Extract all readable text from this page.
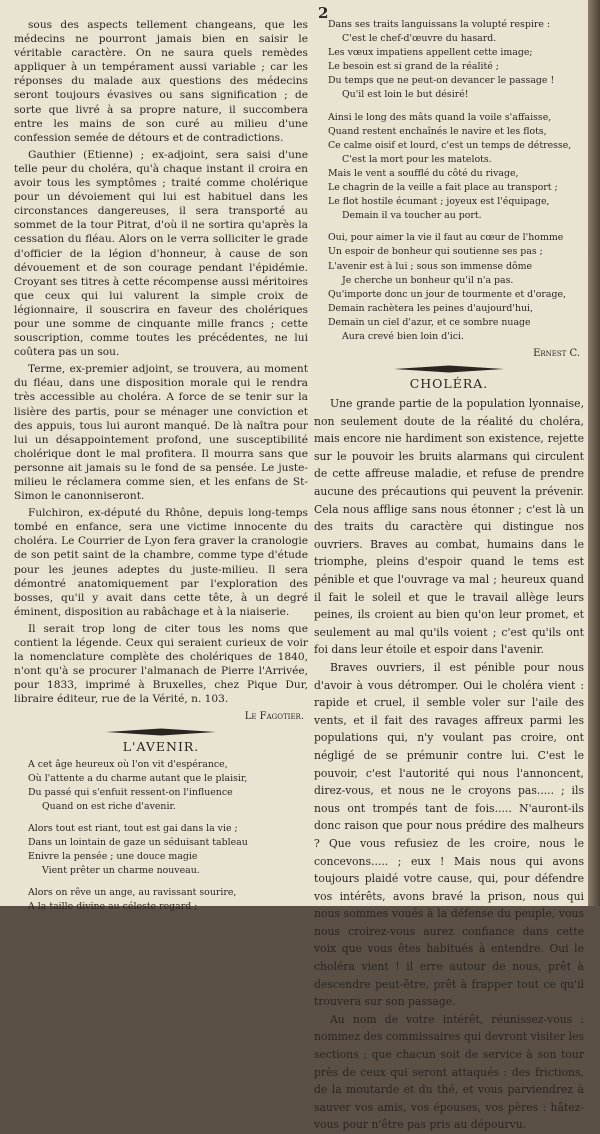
2

sous des aspects tellement changeans, que les médecins ne pourront jamais bien en saisir le véritable caractère. On ne saura quels remèdes appliquer à un tempérament aussi variable ; car les réponses du malade aux questions des médecins seront toujours évasives ou sans signification ; de sorte que livré à sa propre nature, il succombera entre les mains de son curé au milieu d'une confession semée de détours et de contradictions.

Gauthier (Etienne) ; ex-adjoint, sera saisi d'une telle peur du choléra, qu'à chaque instant il croira en avoir tous les symptômes ; traité comme cholérique pour un dévoiement qui lui est habituel dans les circonstances dangereuses, il sera transporté au sommet de la tour Pitrat, d'où il ne sortira qu'après la cessation du fléau. Alors on le verra solliciter le grade d'officier de la légion d'honneur, à cause de son dévouement et de son courage pendant l'épidémie. Croyant ses titres à cette récompense aussi méritoires que ceux qui lui valurent la simple croix de légionnaire, il souscrira en faveur des cholériques pour une somme de cinquante mille francs ; cette souscription, comme toutes les précédentes, ne lui coûtera pas un sou.

Terme, ex-premier adjoint, se trouvera, au moment du fléau, dans une disposition morale qui le rendra très accessible au choléra. A force de se tenir sur la lisière des partis, pour se ménager une conviction et des appuis, tous lui auront manqué. De là naîtra pour lui un désappointement profond, une susceptibilité cholérique dont le mal profitera. Il mourra sans que personne ait jamais su le fond de sa pensée. Le juste-milieu le réclamera comme sien, et les enfans de St-Simon le canonniseront.

Fulchiron, ex-député du Rhône, depuis long-temps tombé en enfance, sera une victime innocente du choléra. Le Courrier de Lyon fera graver la cranologie de son petit saint de la chambre, comme type d'étude pour les jeunes adeptes du juste-milieu. Il sera démontré anatomiquement par l'exploration des bosses, qu'il y avait dans cette tête, à un degré éminent, disposition au rabâchage et à la niaiserie.

Il serait trop long de citer tous les noms que contient la légende. Ceux qui seraient curieux de voir la nomenclature complète des cholériques de 1840, n'ont qu'à se procurer l'almanach de Pierre l'Arrivée, pour 1833, imprimé à Bruxelles, chez Pique Dur, libraire éditeur, rue de la Vérité, n. 103.

Le Fagotier.
L'AVENIR.
A cet âge heureux où l'on vit d'espérance,
Où l'attente a du charme autant que le plaisir,
Du passé qui s'enfuit ressent-on l'influence
Quand on est riche d'avenir.
Alors tout est riant, tout est gai dans la vie ;
Dans un lointain de gaze un séduisant tableau
Enivre la pensée ; une douce magie
Vient prêter un charme nouveau.
Alors on rêve un ange, au ravissant sourire,
A la taille divine au céleste regard ;
Dans ses traits languissans la volupté respire :
C'est le chef-d'œuvre du hasard.
Les vœux impatiens appellent cette image;
Le besoin est si grand de la réalité ;
Du temps que ne peut-on devancer le passage !
Qu'il est loin le but désiré!
Ainsi le long des mâts quand la voile s'affaisse,
Quand restent enchaînés le navire et les flots,
Ce calme oisif et lourd, c'est un temps de détresse,
C'est la mort pour les matelots.
Mais le vent a soufflé du côté du rivage,
Le chagrin de la veille a fait place au transport ;
Le flot hostile écumant ; joyeux est l'équipage,
Demain il va toucher au port.
Oui, pour aimer la vie il faut au cœur de l'homme
Un espoir de bonheur qui soutienne ses pas ;
L'avenir est à lui ; sous son immense dôme
Je cherche un bonheur qu'il n'a pas.
Qu'importe donc un jour de tourmente et d'orage,
Demain rachètera les peines d'aujourd'hui,
Demain un ciel d'azur, et ce sombre nuage
Aura crevé bien loin d'ici.
Ernest C.
CHOLÉRA.

Une grande partie de la population lyonnaise, non seulement doute de la réalité du choléra, mais encore nie hardiment son existence, rejette sur le pouvoir les bruits alarmans qui circulent de cette affreuse maladie, et refuse de prendre aucune des précautions qui peuvent la prévenir. Cela nous afflige sans nous étonner ; c'est là un des traits du caractère qui distingue nos ouvriers. Braves au combat, humains dans le triomphe, pleins d'espoir quand le tems est pénible et que l'ouvrage va mal ; heureux quand il fait le soleil et que le travail allège leurs peines, ils croient au bien qu'on leur promet, et seulement au mal qu'ils voient ; c'est qu'ils ont foi dans leur étoile et espoir dans l'avenir.

Braves ouvriers, il est pénible pour nous d'avoir à vous détromper. Oui le choléra vient : rapide et cruel, il semble voler sur l'aile des vents, et il fait des ravages affreux parmi les populations qui, n'y voulant pas croire, ont négligé de se prémunir contre lui. C'est le pouvoir, c'est l'autorité qui nous l'annoncent, direz-vous, et nous ne le croyons pas..... ; ils nous ont trompés tant de fois..... N'auront-ils donc raison que pour nous prédire des malheurs ? Que vous refusiez de les croire, nous le concevons..... ; eux ! Mais nous qui avons toujours plaidé votre cause, qui, pour défendre vos intérêts, avons bravé la prison, nous qui nous sommes voués à la défense du peuple, vous nous croirez-vous aurez confiance dans cette voix que vous êtes habitués à entendre. Oui le choléra vient ! il erre autour de nous, prêt à descendre peut-être, prêt à frapper tout ce qu'il trouvera sur son passage.

Au nom de votre intérêt, réunissez-vous : nommez des commissaires qui devront visiter les sections ; que chacun soit de service à son tour près de ceux qui seront attaqués : des frictions, de la moutarde et du thé, et vous parviendrez à sauver vos amis, vos épouses, vos pères : hâtez-vous pour n'être pas pris au dépourvu.
